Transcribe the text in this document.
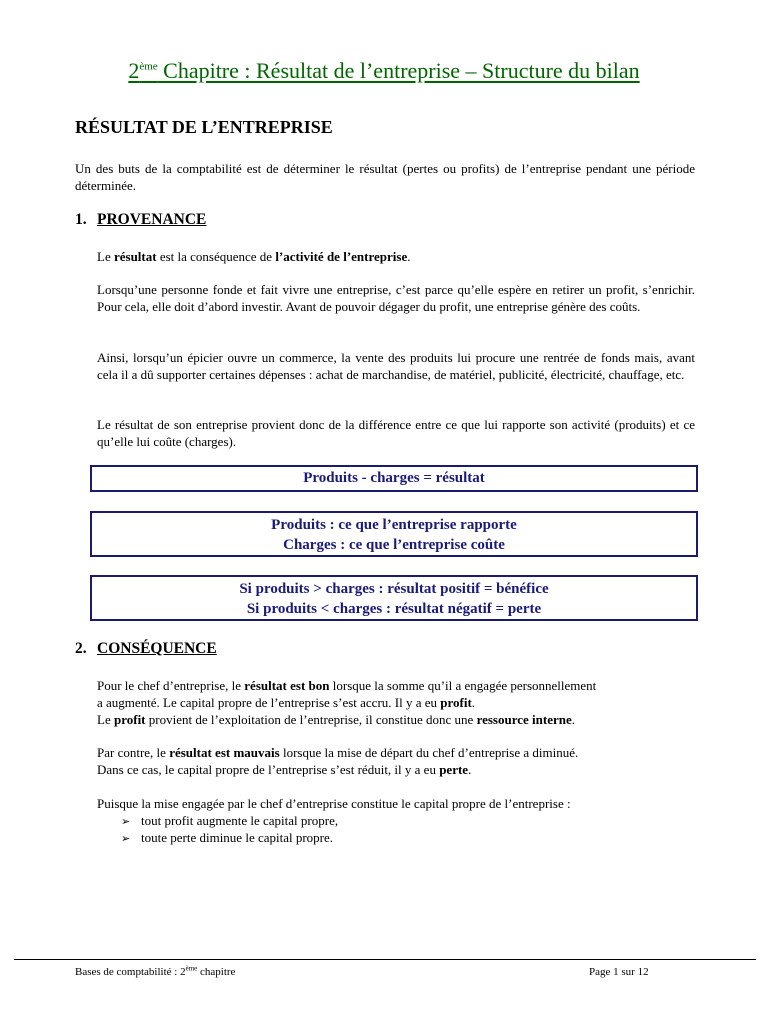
2ème Chapitre : Résultat de l’entreprise – Structure du bilan
RÉSULTAT DE L’ENTREPRISE
Un des buts de la comptabilité est de déterminer le résultat (pertes ou profits) de l’entreprise pendant une période déterminée.
1. PROVENANCE
Le résultat est la conséquence de l’activité de l’entreprise.
Lorsqu’une personne fonde et fait vivre une entreprise, c’est parce qu’elle espère en retirer un profit, s’enrichir. Pour cela, elle doit d’abord investir. Avant de pouvoir dégager du profit, une entreprise génère des coûts.
Ainsi, lorsqu’un épicier ouvre un commerce, la vente des produits lui procure une rentrée de fonds mais, avant cela il a dû supporter certaines dépenses : achat de marchandise, de matériel, publicité, électricité, chauffage, etc.
Le résultat de son entreprise provient donc de la différence entre ce que lui rapporte son activité (produits) et ce qu’elle lui coûte (charges).
Produits - charges = résultat
Produits : ce que l’entreprise rapporte
Charges : ce que l’entreprise coûte
Si produits > charges : résultat positif = bénéfice
Si produits < charges : résultat négatif = perte
2. CONSÉQUENCE
Pour le chef d’entreprise, le résultat est bon lorsque la somme qu’il a engagée personnellement
a augmenté. Le capital propre de l’entreprise s’est accru. Il y a eu profit.
Le profit provient de l’exploitation de l’entreprise, il constitue donc une ressource interne.
Par contre, le résultat est mauvais lorsque la mise de départ du chef d’entreprise a diminué.
Dans ce cas, le capital propre de l’entreprise s’est réduit, il y a eu perte.
Puisque la mise engagée par le chef d’entreprise constitue le capital propre de l’entreprise :
➢ tout profit augmente le capital propre,
➢ toute perte diminue le capital propre.
Bases de comptabilité : 2ème chapitre	Page 1 sur 12
